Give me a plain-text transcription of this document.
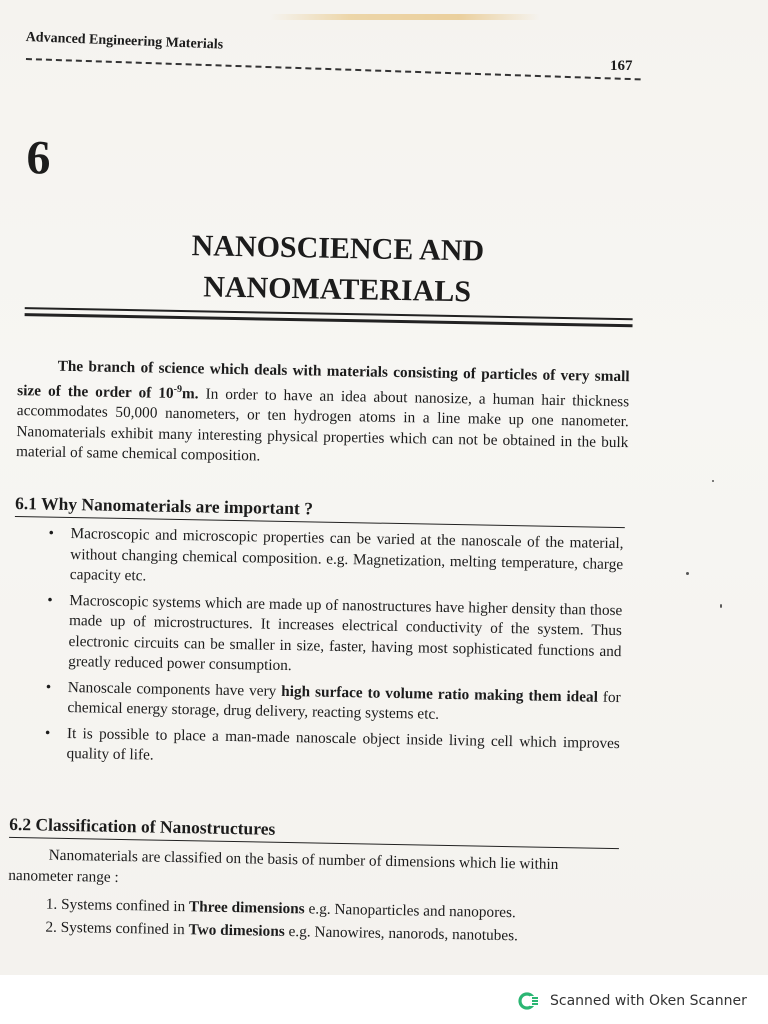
Advanced Engineering Materials
167
6
NANOSCIENCE AND
NANOMATERIALS

The branch of science which deals with materials consisting of particles of very small size of the order of $10^{-9}m$. In order to have an idea about nanosize, a human hair thickness accommodates 50,000 nanometers, or ten hydrogen atoms in a line make up one nanometer. Nanomaterials exhibit many interesting physical properties which can not be obtained in the bulk material of same chemical composition.

6.1 Why Nanomaterials are important ?
• Macroscopic and microscopic properties can be varied at the nanoscale of the material, without changing chemical composition. e.g. Magnetization, melting temperature, charge capacity etc.
• Macroscopic systems which are made up of nanostructures have higher density than those made up of microstructures. It increases electrical conductivity of the system. Thus electronic circuits can be smaller in size, faster, having most sophisticated functions and greatly reduced power consumption.
• Nanoscale components have very high surface to volume ratio making them ideal for chemical energy storage, drug delivery, reacting systems etc.
• It is possible to place a man-made nanoscale object inside living cell which improves quality of life.
6.2 Classification of Nanostructures

Nanomaterials are classified on the basis of number of dimensions which lie within nanometer range :

1. Systems confined in Three dimensions e.g. Nanoparticles and nanopores.
2. Systems confined in Two dimesions e.g. Nanowires, nanorods, nanotubes.
Scanned with Oken Scanner
